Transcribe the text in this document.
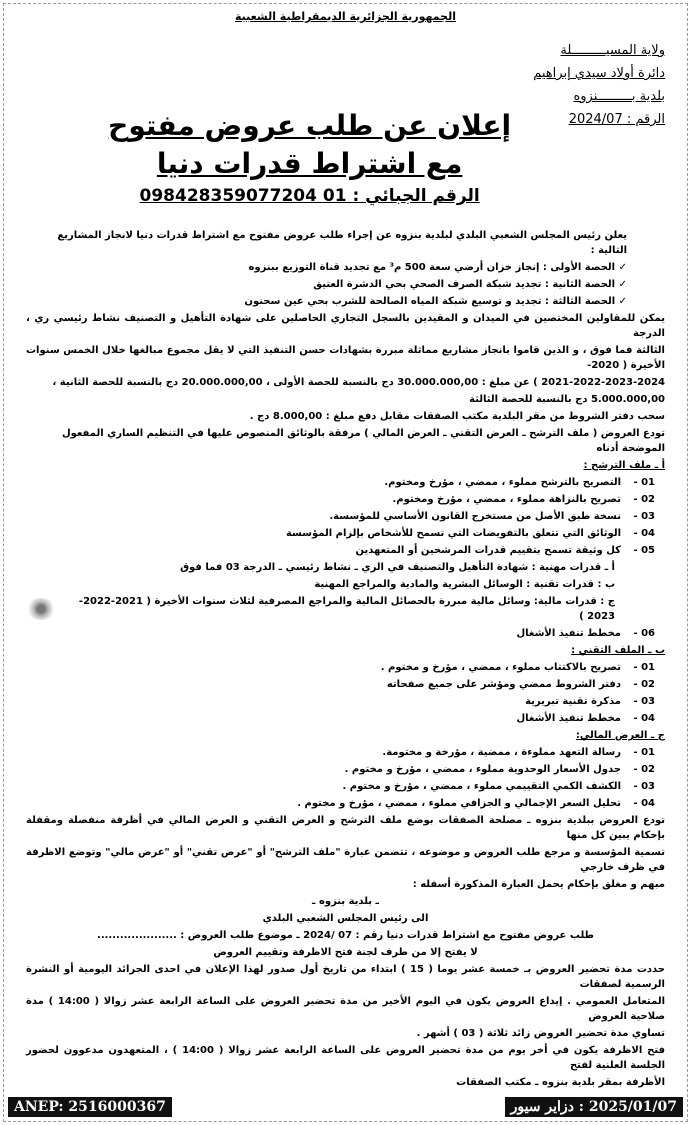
الجمهورية الجزائرية الديمقراطية الشعبية
ولاية المسيـــــــــلة
دائرة أولاد سيدي إبراهيم
بلدية بـــــــــنزوه
الرقم : 2024/07
إعلان عن طلب عروض مفتوح
مع اشتراط قدرات دنيا
الرقم الجبائي : 01 098428359077204
يعلن رئيس المجلس الشعبي البلدي لبلدية بنزوه عن إجراء طلب عروض مفتوح مع اشتراط قدرات دنيا لانجاز المشاريع التالية :
✓ الحصة الأولى : إنجاز خزان أرضي سعة 500 م³ مع تجديد قناة التوزيع ببنزوه
✓ الحصة الثانية : تجديد شبكة الصرف الصحي بحي الدشرة العتيق
✓ الحصة الثالثة : تجديد و توسيع شبكة المياه الصالحة للشرب بحي عين سحنون
يمكن للمقاولين المختصين في الميدان و المقيدين بالسجل التجاري الحاصلين على شهادة التأهيل و التصنيف نشاط رئيسي ري ، الدرجة
الثالثة فما فوق ، و الذين قاموا بانجاز مشاريع مماثلة مبررة بشهادات حسن التنفيذ التي لا يقل مجموع مبالغها خلال الخمس سنوات الأخيرة ( 2020-
2021-2022-2023-2024 ) عن مبلغ : 30.000.000,00 دج بالنسبة للحصة الأولى ، 20.000.000,00 دج بالنسبة للحصة الثانية ،
5.000.000,00 دج بالنسبة للحصة الثالثة
سحب دفتر الشروط من مقر البلدية مكتب الصفقات مقابل دفع مبلغ : 8.000,00 دج .
تودع العروض ( ملف الترشح ـ العرض التقني ـ العرض المالي ) مرفقة بالوثائق المنصوص عليها في التنظيم الساري المفعول الموضحة أدناه
أ ـ ملف الترشح :
01 -
التصريح بالترشح مملوء ، ممضي ، مؤرخ ومختوم.
02 -
تصريح بالنزاهة مملوء ، ممضي ، مؤرخ ومختوم.
03 -
نسخة طبق الأصل من مستخرج القانون الأساسي للمؤسسة.
04 -
الوثائق التي تتعلق بالتفويضات التي تسمح للأشخاص بإلزام المؤسسة
05 -
كل وثيقة تسمح بتقييم قدرات المرشحين أو المتعهدين
أ ـ قدرات مهنية : شهادة التأهيل والتصنيف في الري ـ نشاط رئيسي ـ الدرجة 03 فما فوق
ب : قدرات تقنية : الوسائل البشرية والمادية والمراجع المهنية
ج : قدرات مالية: وسائل مالية مبررة بالحصائل المالية والمراجع المصرفية لثلاث سنوات الأخيرة ( 2021-2022-2023 )
06 -
مخطط تنفيذ الأشغال
ب ـ الملف التقني :
01 -
تصريح بالاكتتاب مملوء ، ممضي ، مؤرخ و مختوم .
02 -
دفتر الشروط ممضي ومؤشر على جميع صفحاته
03 -
مذكرة تقنية تبريرية
04 -
مخطط تنفيذ الأشغال
ج ـ العرض المالي:
01 -
رسالة التعهد مملوءة ، ممضية ، مؤرخة و مختومة.
02 -
جدول الأسعار الوحدوية مملوء ، ممضي ، مؤرخ و مختوم .
03 -
الكشف الكمي التقييمي مملوء ، ممضي ، مؤرخ و مختوم .
04 -
تحليل السعر الإجمالي و الجزافي مملوء ، ممضي ، مؤرخ و مختوم .
تودع العروض ببلدية بنزوه ـ مصلحة الصفقات بوضع ملف الترشح و العرض التقني و العرض المالي في أظرفة منفصلة ومقفلة بإحكام يبين كل منها
تسمية المؤسسة و مرجع طلب العروض و موضوعه ، تتضمن عبارة "ملف الترشح" أو "عرض تقني" أو "عرض مالي" وتوضع الاظرفة في ظرف خارجي
مبهم و مغلق بإحكام يحمل العبارة المذكورة أسفله :
ـ بلدية بنزوه ـ
الى رئيس المجلس الشعبي البلدي
طلب عروض مفتوح مع اشتراط قدرات دنيا رقم : 07 /2024 ـ موضوع طلب العروض : .....................
لا يفتح إلا من طرف لجنة فتح الاظرفة وتقييم العروض
حددت مدة تحضير العروض بـ خمسة عشر يوما ( 15 ) ابتداء من تاريخ أول صدور لهذا الإعلان في احدى الجرائد اليومية أو النشرة الرسمية لصفقات
المتعامل العمومي . إيداع العروض يكون في اليوم الأخير من مدة تحضير العروض على الساعة الرابعة عشر زوالا ( 14:00 ) مدة صلاحية العروض
تساوي مدة تحضير العروض زائد ثلاثة ( 03 ) أشهر .
فتح الاظرفة يكون في أخر يوم من مدة تحضير العروض على الساعة الرابعة عشر زوالا ( 14:00 ) ، المتعهدون مدعوون لحضور الجلسة العلنية لفتح
الأظرفة بمقر بلدية بنزوه ـ مكتب الصفقات
ANEP: 2516000367	2025/01/07 : دزاير سيور
